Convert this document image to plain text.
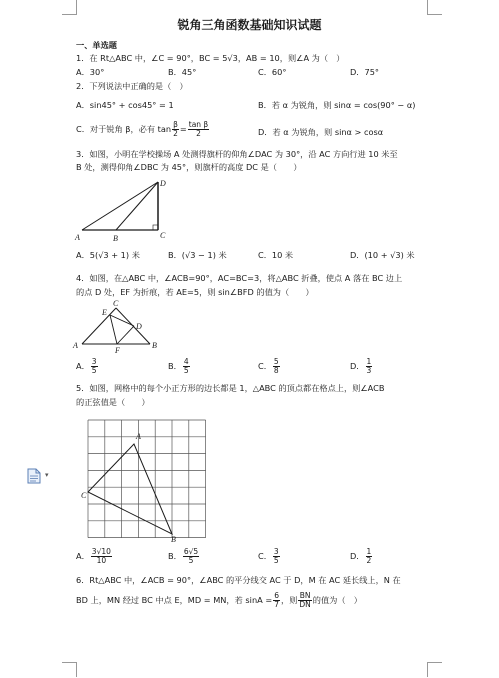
锐角三角函数基础知识试题
一、单选题
1．在 Rt△ABC 中，∠C = 90°，BC = 5√3，AB = 10，则∠A 为（　）
A．30°	B．45°	C．60°	D．75°
2．下列说法中正确的是（　）
A．sin45° + cos45° = 1	B．若 α 为锐角，则 sinα = cos(90° − α)
C．对于锐角 β，必有 $\tan \frac{\beta}{2} = \frac{\text{tan β}}{2}$	D．若 α 为锐角，则 sinα > cosα
3．如图，小明在学校操场 A 处测得旗杆的仰角∠DAC 为 30°，沿 AC 方向行进 10 米至
B 处，测得仰角∠DBC 为 45°，则旗杆的高度 DC 是（　　）
A	B	C
D
A．5(√3 + 1) 米	B．(√3 − 1) 米	C．10 米	D．(10 + √3) 米
4．如图，在△ABC 中，∠ACB=90°，AC=BC=3，将△ABC 折叠，使点 A 落在 BC 边上
的点 D 处，EF 为折痕，若 AE=5，则 sin∠BFD 的值为（　　）
A	B
C
D
E
F
A． $\frac{3}{5}$	B． $\frac{4}{5}$	C． $\frac{5}{8}$	D． $\frac{1}{3}$
5．如图，网格中的每个小正方形的边长都是 1，△ABC 的顶点都在格点上，则∠ACB
的正弦值是（　　）
A
C
B
A． $\frac{3√10}{10}$	B． $\frac{6√5}{5}$	C． $\frac{3}{5}$	D． $\frac{1}{2}$
6．Rt△ABC 中，∠ACB = 90°，∠ABC 的平分线交 AC 于 D，M 在 AC 延长线上，N 在
BD 上，MN 经过 BC 中点 E，MD = MN，若 $\sin A = \frac{6}{7}$ ，则 $\frac{BN}{DN}$ 的值为（　）
▾
